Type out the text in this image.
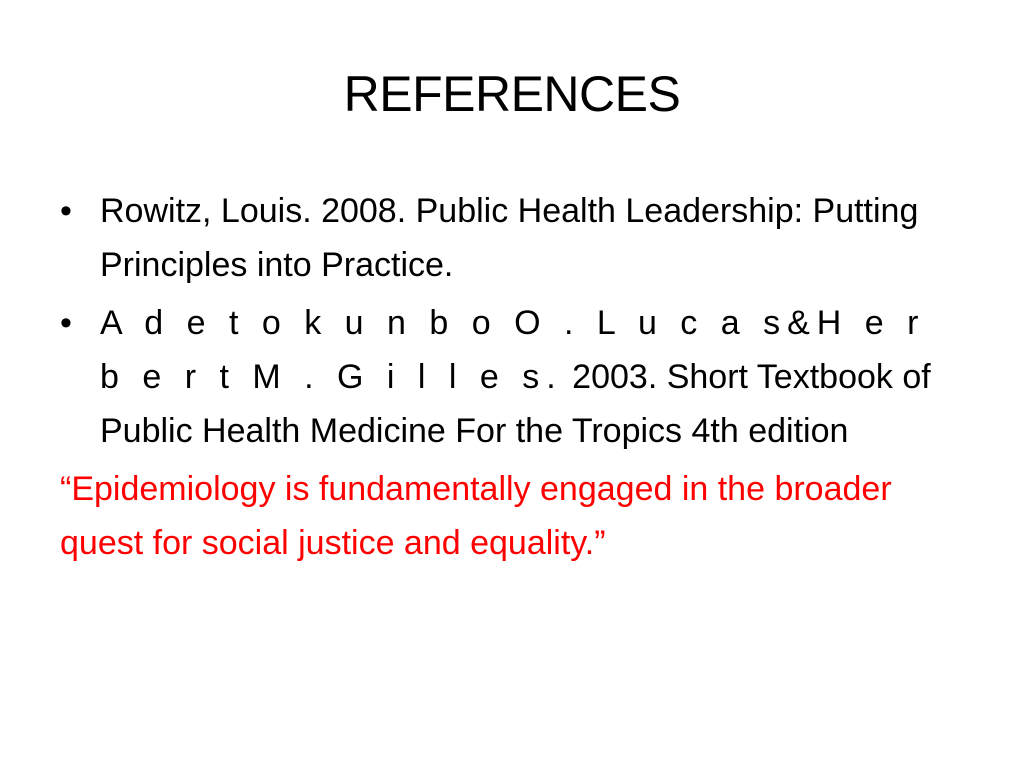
REFERENCES
• Rowitz, Louis. 2008. Public Health Leadership: Putting Principles into Practice.
• A d e t o k u n b o O . L u c a s&H e r b e r t M . G i l l e s. 2003. Short Textbook of Public Health Medicine For the Tropics 4th edition

“Epidemiology is fundamentally engaged in the broader quest for social justice and equality.”
